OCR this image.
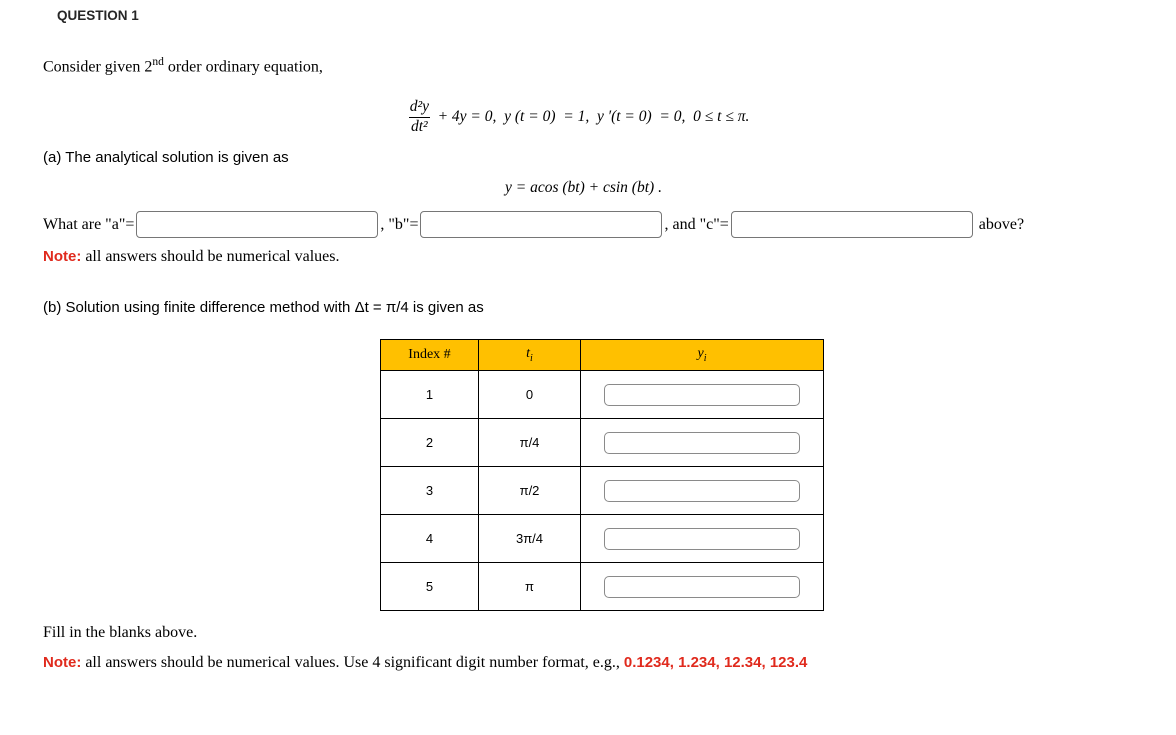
QUESTION 1
Consider given 2nd order ordinary equation,
$\frac{\text{d²y}}{\text{dt²}} + 4y = 0$,  y (t = 0)  = 1,  y ′(t = 0)  = 0,  0 ≤ t ≤ π.
(a) The analytical solution is given as
y = acos (bt) + csin (bt) .
What are "a"=	, "b"=	, and "c"=	above?
Note: all answers should be numerical values.
(b) Solution using finite difference method with Δt = π/4 is given as
Index #	$t_i$	$y_i$
1	0	

2	π/4	

3	π/2	

4	3π/4	

5	π	
Fill in the blanks above.
Note: all answers should be numerical values. Use 4 significant digit number format, e.g., 0.1234, 1.234, 12.34, 123.4
